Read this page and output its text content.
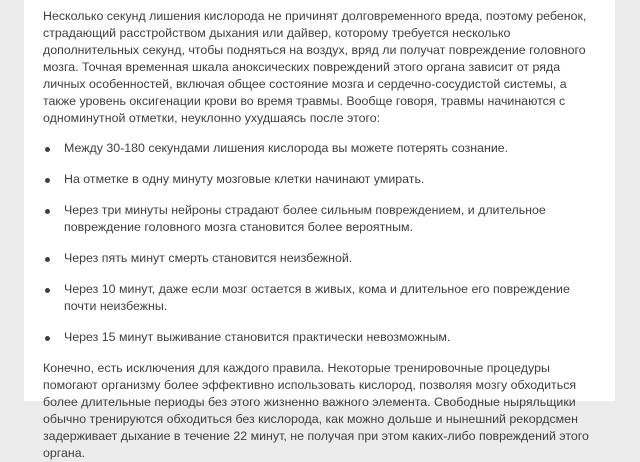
Несколько секунд лишения кислорода не причинят долговременного вреда, поэтому ребенок, страдающий расстройством дыхания или дайвер, которому требуется несколько дополнительных секунд, чтобы подняться на воздух, вряд ли получат повреждение головного мозга. Точная временная шкала аноксических повреждений этого органа зависит от ряда личных особенностей, включая общее состояние мозга и сердечно-сосудистой системы, а также уровень оксигенации крови во время травмы. Вообще говоря, травмы начинаются с одноминутной отметки, неуклонно ухудшаясь после этого:

Между 30-180 секундами лишения кислорода вы можете потерять сознание.
На отметке в одну минуту мозговые клетки начинают умирать.
Через три минуты нейроны страдают более сильным повреждением, и длительное повреждение головного мозга становится более вероятным.
Через пять минут смерть становится неизбежной.
Через 10 минут, даже если мозг остается в живых, кома и длительное его повреждение почти неизбежны.
Через 15 минут выживание становится практически невозможным.

Конечно, есть исключения для каждого правила. Некоторые тренировочные процедуры помогают организму более эффективно использовать кислород, позволяя мозгу обходиться более длительные периоды без этого жизненно важного элемента. Свободные ныряльщики обычно тренируются обходиться без кислорода, как можно дольше и нынешний рекордсмен задерживает дыхание в течение 22 минут, не получая при этом каких-либо повреждений этого органа.
